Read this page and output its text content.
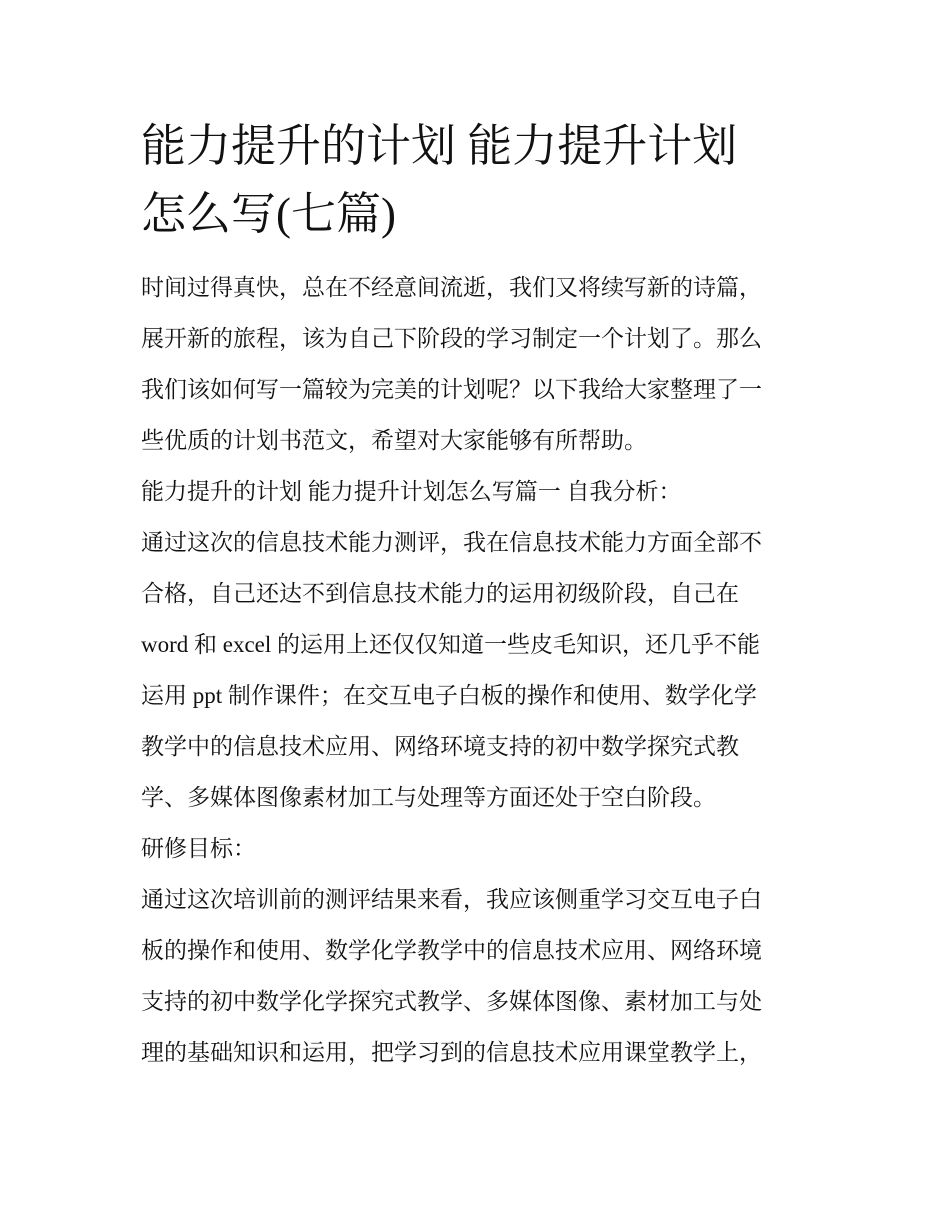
能力提升的计划 能力提升计划
怎么写(七篇)
时间过得真快，总在不经意间流逝，我们又将续写新的诗篇，
展开新的旅程，该为自己下阶段的学习制定一个计划了。那么
我们该如何写一篇较为完美的计划呢？以下我给大家整理了一
些优质的计划书范文，希望对大家能够有所帮助。
能力提升的计划 能力提升计划怎么写篇一 自我分析：
通过这次的信息技术能力测评，我在信息技术能力方面全部不
合格，自己还达不到信息技术能力的运用初级阶段，自己在
word 和 excel 的运用上还仅仅知道一些皮毛知识，还几乎不能
运用 ppt 制作课件；在交互电子白板的操作和使用、数学化学
教学中的信息技术应用、网络环境支持的初中数学探究式教
学、多媒体图像素材加工与处理等方面还处于空白阶段。
研修目标：
通过这次培训前的测评结果来看，我应该侧重学习交互电子白
板的操作和使用、数学化学教学中的信息技术应用、网络环境
支持的初中数学化学探究式教学、多媒体图像、素材加工与处
理的基础知识和运用，把学习到的信息技术应用课堂教学上，
